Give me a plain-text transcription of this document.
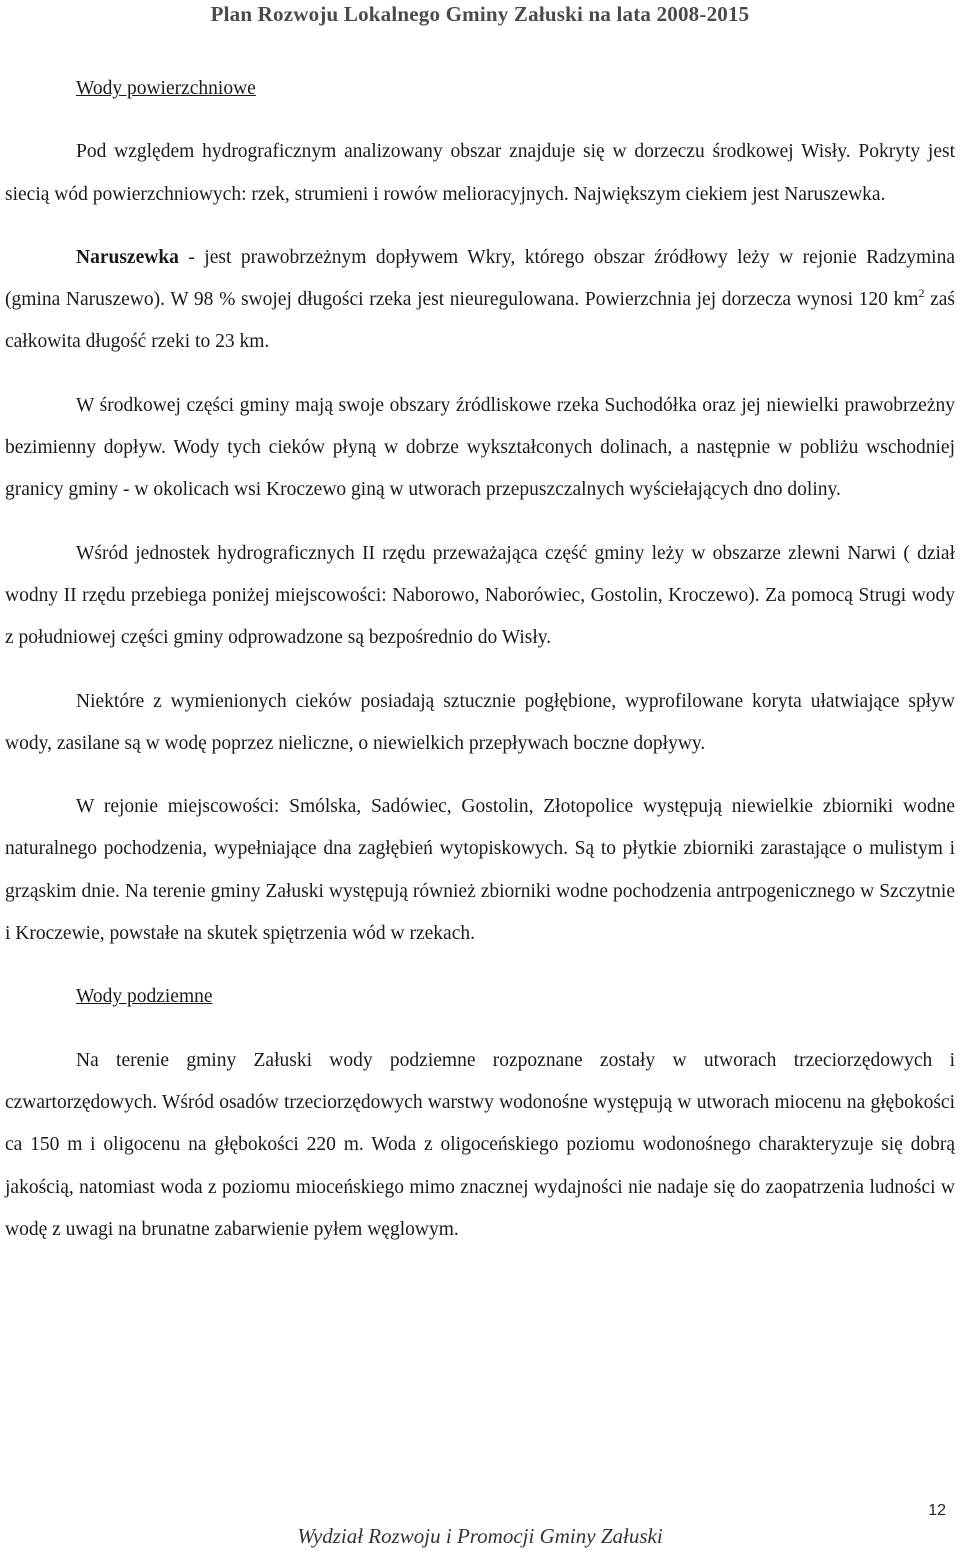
Plan Rozwoju Lokalnego Gminy Załuski na lata 2008-2015
Wody powierzchniowe

Pod względem hydrograficznym analizowany obszar znajduje się w dorzeczu środkowej Wisły. Pokryty jest siecią wód powierzchniowych: rzek, strumieni i rowów melioracyjnych. Największym ciekiem jest Naruszewka.

Naruszewka - jest prawobrzeżnym dopływem Wkry, którego obszar źródłowy leży w rejonie Radzymina (gmina Naruszewo). W 98 % swojej długości rzeka jest nieuregulowana. Powierzchnia jej dorzecza wynosi 120 $km^2$ zaś całkowita długość rzeki to 23 km.

W środkowej części gminy mają swoje obszary źródliskowe rzeka Suchodółka oraz jej niewielki prawobrzeżny bezimienny dopływ. Wody tych cieków płyną w dobrze wykształconych dolinach, a następnie w pobliżu wschodniej granicy gminy - w okolicach wsi Kroczewo giną w utworach przepuszczalnych wyściełających dno doliny.

Wśród jednostek hydrograficznych II rzędu przeważająca część gminy leży w obszarze zlewni Narwi ( dział wodny II rzędu przebiega poniżej miejscowości: Naborowo, Naborówiec, Gostolin, Kroczewo). Za pomocą Strugi wody z południowej części gminy odprowadzone są bezpośrednio do Wisły.

Niektóre z wymienionych cieków posiadają sztucznie pogłębione, wyprofilowane koryta ułatwiające spływ wody, zasilane są w wodę poprzez nieliczne, o niewielkich przepływach boczne dopływy.

W rejonie miejscowości: Smólska, Sadówiec, Gostolin, Złotopolice występują niewielkie zbiorniki wodne naturalnego pochodzenia, wypełniające dna zagłębień wytopiskowych. Są to płytkie zbiorniki zarastające o mulistym i grząskim dnie. Na terenie gminy Załuski występują również zbiorniki wodne pochodzenia antrpogenicznego w Szczytnie i Kroczewie, powstałe na skutek spiętrzenia wód w rzekach.

Wody podziemne

Na terenie gminy Załuski wody podziemne rozpoznane zostały w utworach trzeciorzędowych i czwartorzędowych. Wśród osadów trzeciorzędowych warstwy wodonośne występują w utworach miocenu na głębokości ca 150 m i oligocenu na głębokości 220 m. Woda z oligoceńskiego poziomu wodonośnego charakteryzuje się dobrą jakością, natomiast woda z poziomu mioceńskiego mimo znacznej wydajności nie nadaje się do zaopatrzenia ludności w wodę z uwagi na brunatne zabarwienie pyłem węglowym.

12
Wydział Rozwoju i Promocji Gminy Załuski
